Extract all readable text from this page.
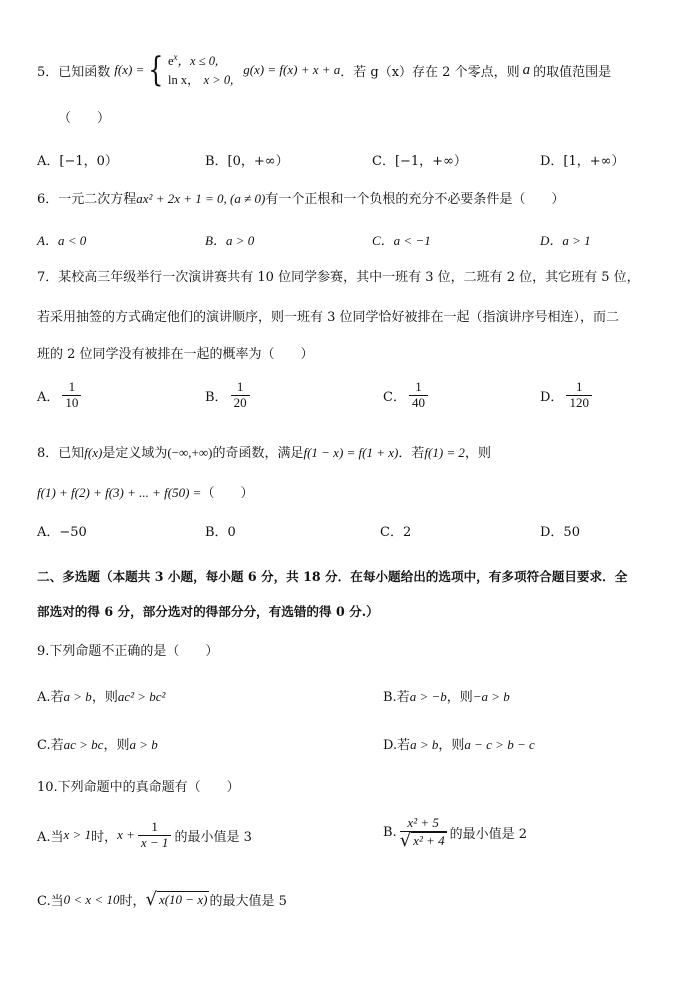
5．已知函数 f(x) = { $e^x$，x ≤ 0,
ln x， x > 0,
g(x) = f(x) + x + a ．若 g（x）存在 2 个零点，则 a 的取值范围是
（　　）
A．[−1，0）	B．[0，+∞）	C．[−1，+∞）	D．[1，+∞）
6．一元二次方程ax² + 2x + 1 = 0, (a ≠ 0)有一个正根和一个负根的充分不必要条件是（　　）
A．a < 0	B．a > 0	C．a < −1	D．a > 1
7．某校高三年级举行一次演讲赛共有 10 位同学参赛，其中一班有 3 位，二班有 2 位，其它班有 5 位，
若采用抽签的方式确定他们的演讲顺序，则一班有 3 位同学恰好被排在一起（指演讲序号相连），而二
班的 2 位同学没有被排在一起的概率为（　　）
A． $\frac{1}{10}$	B． $\frac{1}{20}$	C． $\frac{1}{40}$	D． $\frac{1}{120}$
8．已知f(x)是定义域为(−∞,+∞)的奇函数，满足f(1 − x) = f(1 + x)．若f(1) = 2，则
f(1) + f(2) + f(3) + ... + f(50) =（　　）
A．−50	B．0	C．2	D．50
二、多选题（本题共 3 小题，每小题 6 分，共 18 分．在每小题给出的选项中，有多项符合题目要求．全
部选对的得 6 分，部分选对的得部分分，有选错的得 0 分.）
9.下列命题不正确的是（　　）
A.若a > b，则ac² > bc²	B.若a > −b，则−a > b
C.若ac > bc，则a > b	D.若a > b，则a − c > b − c
10.下列命题中的真命题有（　　）
A.当 x > 1 时， $x + \frac{1}{x - 1}$ 的最小值是 3	B. $\frac{\text{x² + 5}}{\text{√ x² + 4}}$ 的最小值是 2
C.当 0 < x < 10 时， √ x(10 − x) 的最大值是 5
